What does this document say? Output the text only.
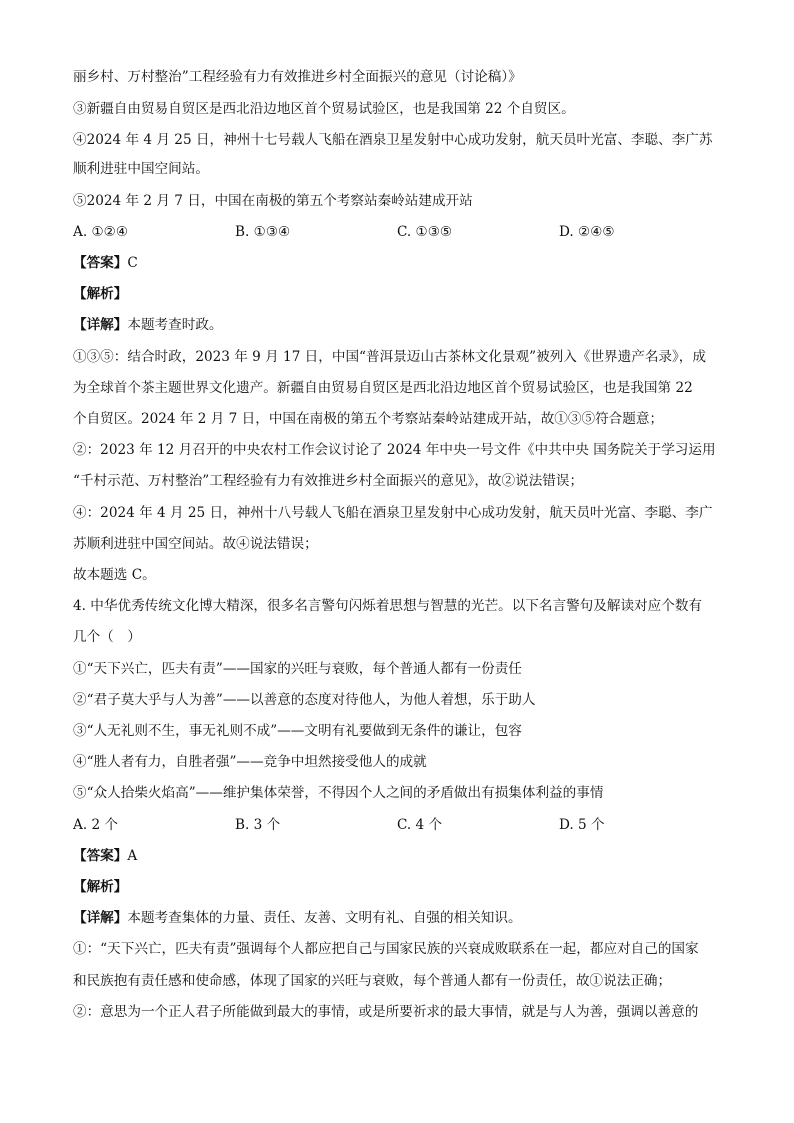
丽乡村、万村整治”工程经验有力有效推进乡村全面振兴的意见（讨论稿）》
③新疆自由贸易自贸区是西北沿边地区首个贸易试验区，也是我国第 22 个自贸区。
④2024 年 4 月 25 日，神州十七号载人飞船在酒泉卫星发射中心成功发射，航天员叶光富、李聪、李广苏
顺利进驻中国空间站。
⑤2024 年 2 月 7 日，中国在南极的第五个考察站秦岭站建成开站
A. ①②④	B. ①③④	C. ①③⑤	D. ②④⑤
【答案】C
【解析】
【详解】本题考查时政。
①③⑤：结合时政，2023 年 9 月 17 日，中国“普洱景迈山古茶林文化景观”被列入《世界遗产名录》，成
为全球首个茶主题世界文化遗产。新疆自由贸易自贸区是西北沿边地区首个贸易试验区，也是我国第 22
个自贸区。2024 年 2 月 7 日，中国在南极的第五个考察站秦岭站建成开站，故①③⑤符合题意；
②：2023 年 12 月召开的中央农村工作会议讨论了 2024 年中央一号文件《中共中央 国务院关于学习运用
“千村示范、万村整治”工程经验有力有效推进乡村全面振兴的意见》，故②说法错误；
④：2024 年 4 月 25 日，神州十八号载人飞船在酒泉卫星发射中心成功发射，航天员叶光富、李聪、李广
苏顺利进驻中国空间站。故④说法错误；
故本题选 C。
4. 中华优秀传统文化博大精深，很多名言警句闪烁着思想与智慧的光芒。以下名言警句及解读对应个数有
几个（　）
①“天下兴亡，匹夫有责”——国家的兴旺与衰败，每个普通人都有一份责任
②“君子莫大乎与人为善”——以善意的态度对待他人，为他人着想，乐于助人
③“人无礼则不生，事无礼则不成”——文明有礼要做到无条件的谦让，包容
④“胜人者有力，自胜者强”——竞争中坦然接受他人的成就
⑤“众人拾柴火焰高”——维护集体荣誉，不得因个人之间的矛盾做出有损集体利益的事情
A. 2 个	B. 3 个	C. 4 个	D. 5 个
【答案】A
【解析】
【详解】本题考查集体的力量、责任、友善、文明有礼、自强的相关知识。
①：“天下兴亡，匹夫有责”强调每个人都应把自己与国家民族的兴衰成败联系在一起，都应对自己的国家
和民族抱有责任感和使命感，体现了国家的兴旺与衰败，每个普通人都有一份责任，故①说法正确；
②：意思为一个正人君子所能做到最大的事情，或是所要祈求的最大事情，就是与人为善，强调以善意的
